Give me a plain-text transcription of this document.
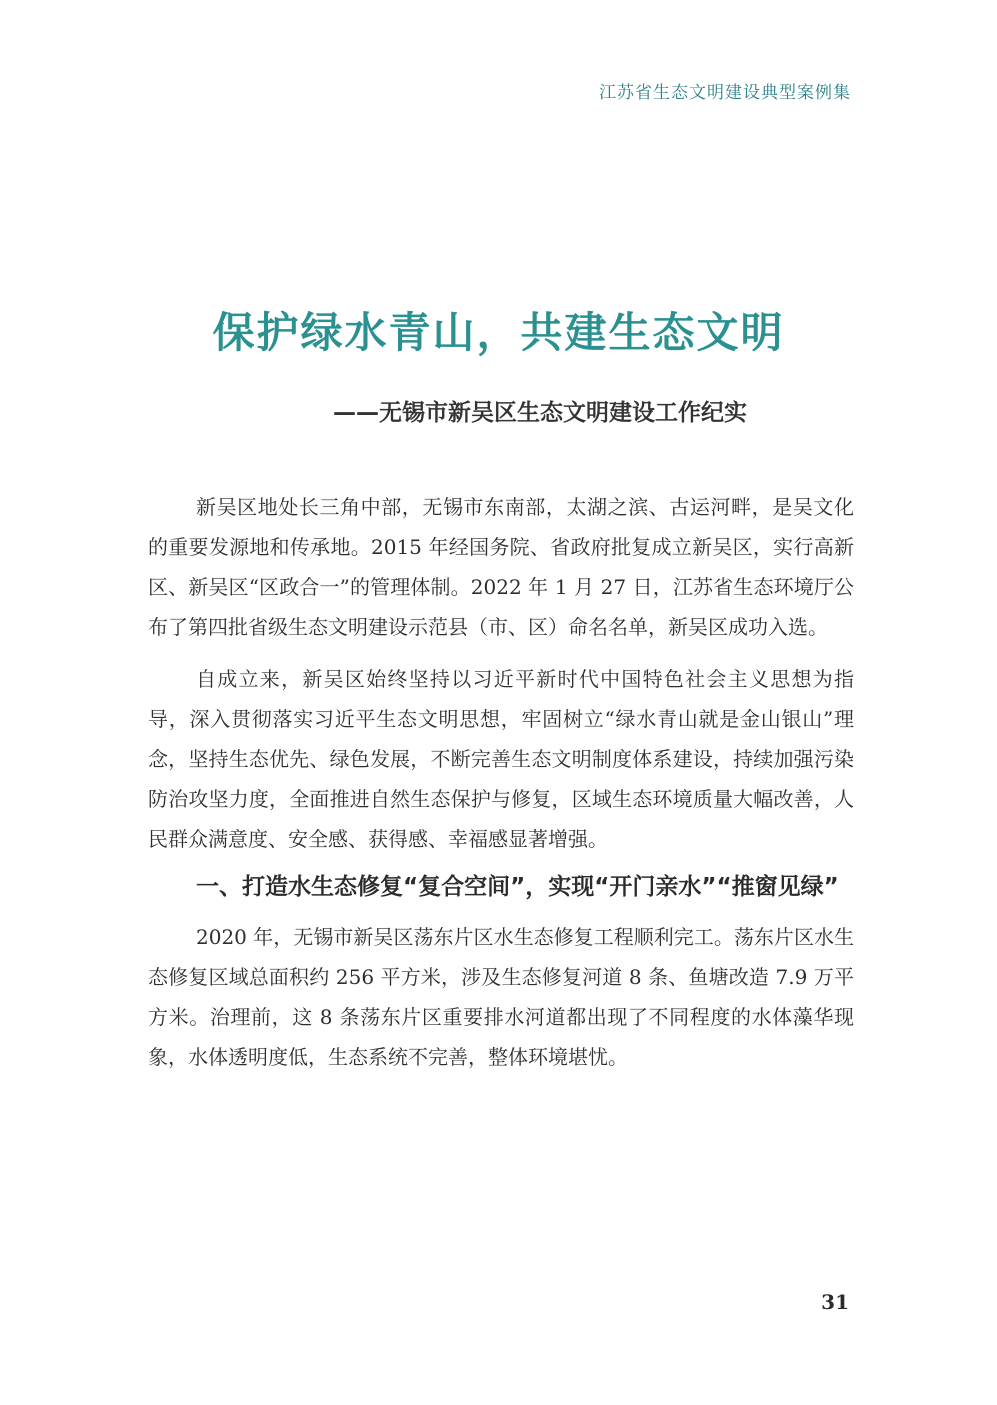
江苏省生态文明建设典型案例集
保护绿水青山，共建生态文明
——无锡市新吴区生态文明建设工作纪实

新吴区地处长三角中部，无锡市东南部，太湖之滨、古运河畔，是吴文化的重要发源地和传承地。2015 年经国务院、省政府批复成立新吴区，实行高新区、新吴区“区政合一”的管理体制。2022 年 1 月 27 日，江苏省生态环境厅公布了第四批省级生态文明建设示范县（市、区）命名名单，新吴区成功入选。

自成立来，新吴区始终坚持以习近平新时代中国特色社会主义思想为指导，深入贯彻落实习近平生态文明思想，牢固树立“绿水青山就是金山银山”理念，坚持生态优先、绿色发展，不断完善生态文明制度体系建设，持续加强污染防治攻坚力度，全面推进自然生态保护与修复，区域生态环境质量大幅改善，人民群众满意度、安全感、获得感、幸福感显著增强。

一、打造水生态修复“复合空间”，实现“开门亲水”“推窗见绿”

2020 年，无锡市新吴区荡东片区水生态修复工程顺利完工。荡东片区水生态修复区域总面积约 256 平方米，涉及生态修复河道 8 条、鱼塘改造 7.9 万平方米。治理前，这 8 条荡东片区重要排水河道都出现了不同程度的水体藻华现象，水体透明度低，生态系统不完善，整体环境堪忧。

31
